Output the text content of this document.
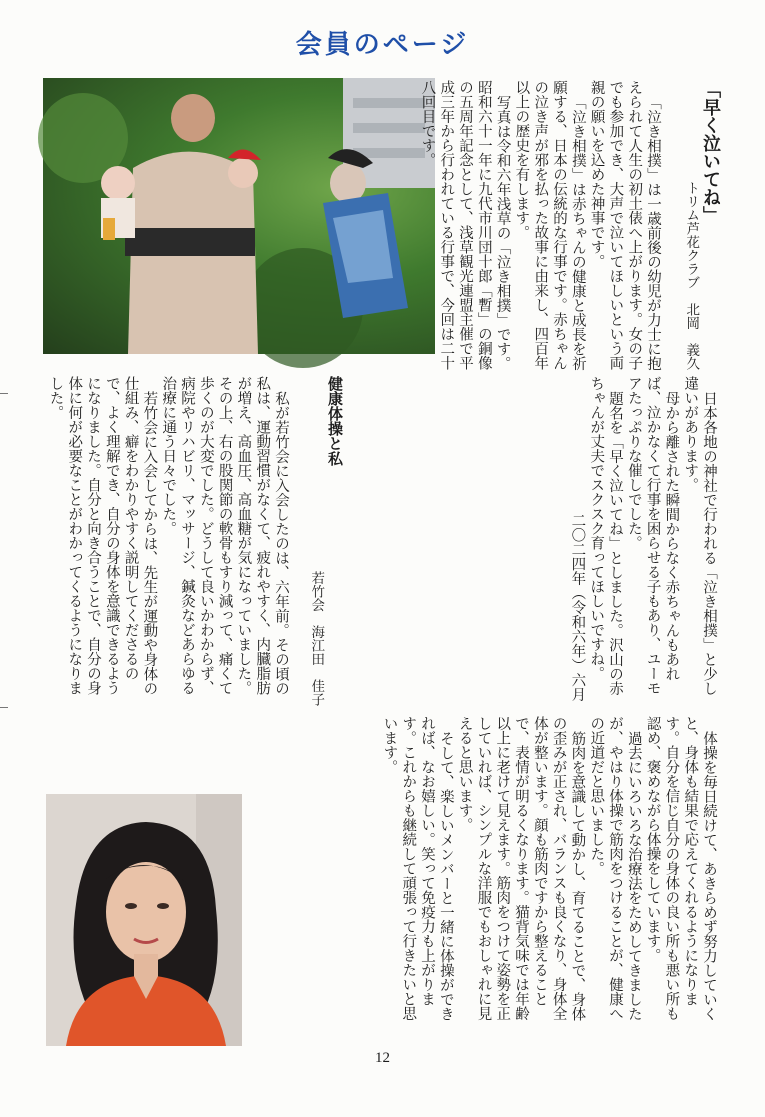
会員のページ

「早く泣いてね」

トリム芦花クラブ　北岡　義久

「泣き相撲」は一歳前後の幼児が力士に抱えられて人生の初土俵へ上がります。女の子でも参加でき、大声で泣いてほしいという両親の願いを込めた神事です。

「泣き相撲」は赤ちゃんの健康と成長を祈願する、日本の伝統的な行事です。赤ちゃんの泣き声が邪を払った故事に由来し、四百年以上の歴史を有します。

写真は令和六年浅草の「泣き相撲」です。昭和六十一年に九代市川団十郎「暫」の銅像の五周年記念として、浅草観光連盟主催で平成三年から行われている行事で、今回は二十八回目です。

日本各地の神社で行われる「泣き相撲」と少し違いがあります。

母から離された瞬間からなく赤ちゃんもあれば、泣かなくて行事を困らせる子もあり、ユーモアたっぷりな催しでした。

題名を「早く泣いてね」としました。沢山の赤ちゃんが丈夫でスクスク育ってほしいですね。

二〇二四年（令和六年）六月

健康体操と私

若竹会　海江田　佳子

私が若竹会に入会したのは、六年前。その頃の私は、運動習慣がなくて、疲れやすく、内臓脂肪が増え、高血圧、高血糖が気になっていました。その上、右の股関節の軟骨もすり減って、痛くて歩くのが大変でした。どうして良いかわからず、病院やリハビリ、マッサージ、鍼灸などあらゆる治療に通う日々でした。

若竹会に入会してからは、先生が運動や身体の仕組み、癖をわかりやすく説明してくださるので、よく理解でき、自分の身体を意識できるようになりました。自分と向き合うことで、自分の身体に何が必要なことがわかってくるようになりました。

体操を毎日続けて、あきらめず努力していくと、身体も結果で応えてくれるようになります。自分を信じ自分の身体の良い所も悪い所も認め、褒めながら体操をしています。

過去にいろいろな治療法をためしてきましたが、やはり体操で筋肉をつけることが、健康への近道だと思いました。

筋肉を意識して動かし、育てることで、身体の歪みが正され、バランスも良くなり、身体全体が整います。顔も筋肉ですから整えることで、表情が明るくなります。猫背気味では年齢以上に老けて見えます。筋肉をつけて姿勢を正していれば、シンプルな洋服でもおしゃれに見えると思います。

そして、楽しいメンバーと一緒に体操ができれば、なお嬉しい。笑って免疫力も上がります。これからも継続して頑張って行きたいと思います。

12
